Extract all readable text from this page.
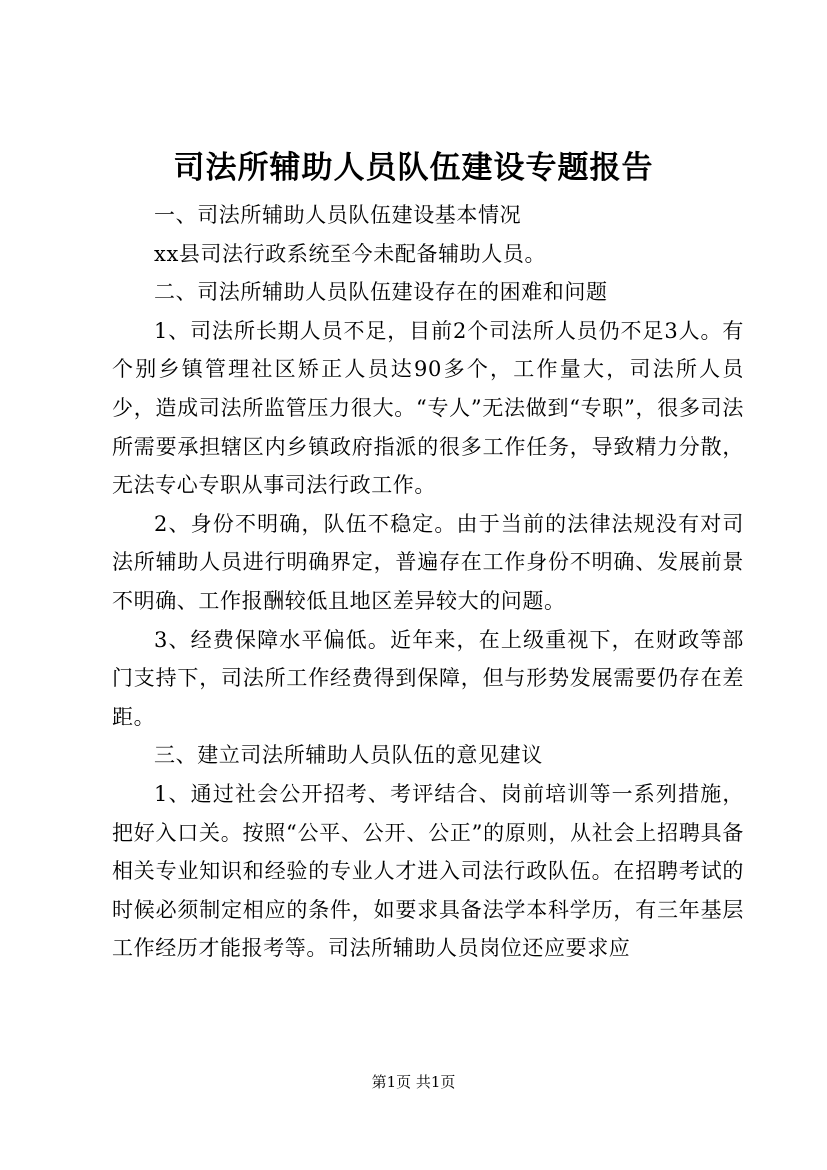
司法所辅助人员队伍建设专题报告

一、司法所辅助人员队伍建设基本情况

xx县司法行政系统至今未配备辅助人员。

二、司法所辅助人员队伍建设存在的困难和问题

1、司法所长期人员不足，目前2个司法所人员仍不足3人。有个别乡镇管理社区矫正人员达90多个，工作量大，司法所人员少，造成司法所监管压力很大。“专人”无法做到“专职”，很多司法所需要承担辖区内乡镇政府指派的很多工作任务，导致精力分散，无法专心专职从事司法行政工作。

2、身份不明确，队伍不稳定。由于当前的法律法规没有对司法所辅助人员进行明确界定，普遍存在工作身份不明确、发展前景不明确、工作报酬较低且地区差异较大的问题。

3、经费保障水平偏低。近年来，在上级重视下，在财政等部门支持下，司法所工作经费得到保障，但与形势发展需要仍存在差距。

三、建立司法所辅助人员队伍的意见建议

1、通过社会公开招考、考评结合、岗前培训等一系列措施，把好入口关。按照“公平、公开、公正”的原则，从社会上招聘具备相关专业知识和经验的专业人才进入司法行政队伍。在招聘考试的时候必须制定相应的条件，如要求具备法学本科学历，有三年基层工作经历才能报考等。司法所辅助人员岗位还应要求应

第1页 共1页
